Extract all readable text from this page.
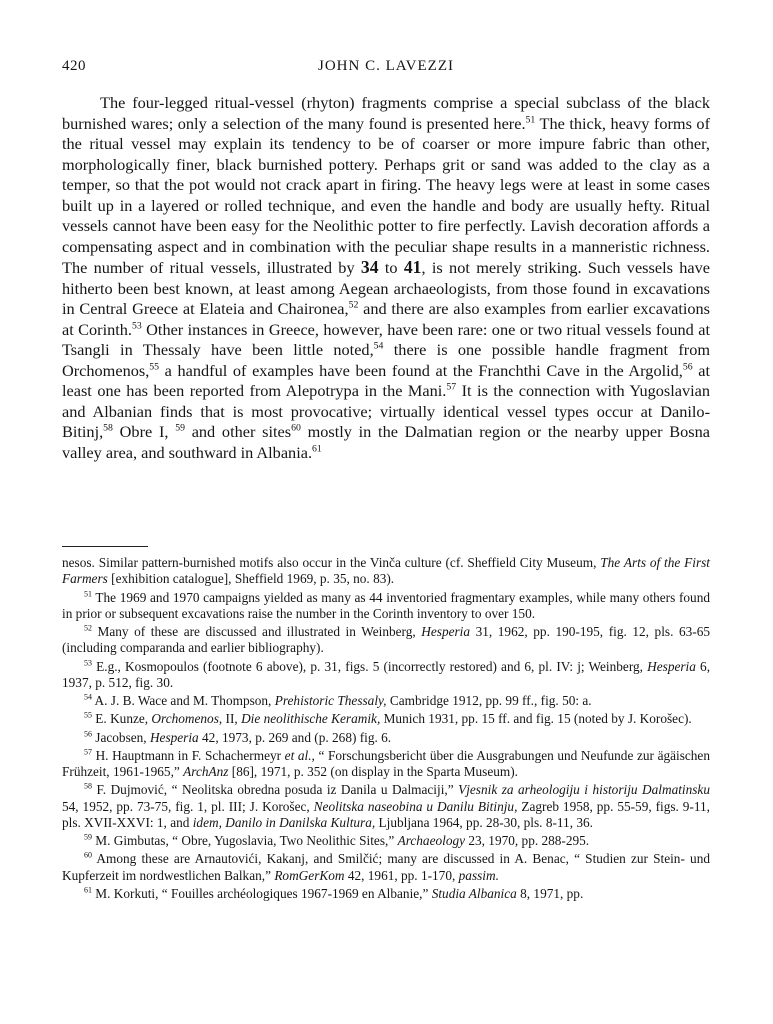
420	JOHN C. LAVEZZI

The four-legged ritual-vessel (rhyton) fragments comprise a special subclass of the black burnished wares; only a selection of the many found is presented here.$^{51}$ The thick, heavy forms of the ritual vessel may explain its tendency to be of coarser or more impure fabric than other, morphologically finer, black burnished pottery. Perhaps grit or sand was added to the clay as a temper, so that the pot would not crack apart in firing. The heavy legs were at least in some cases built up in a layered or rolled technique, and even the handle and body are usually hefty. Ritual vessels cannot have been easy for the Neolithic potter to fire perfectly. Lavish decoration affords a compensating aspect and in combination with the peculiar shape results in a manneristic richness. The number of ritual vessels, illustrated by 34 to 41, is not merely striking. Such vessels have hitherto been best known, at least among Aegean archaeologists, from those found in excavations in Central Greece at Elateia and Chaironea,$^{52}$ and there are also examples from earlier excavations at Corinth.$^{53}$ Other instances in Greece, however, have been rare: one or two ritual vessels found at Tsangli in Thessaly have been little noted,$^{54}$ there is one possible handle fragment from Orchomenos,$^{55}$ a handful of examples have been found at the Franchthi Cave in the Argolid,$^{56}$ at least one has been reported from Alepotrypa in the Mani.$^{57}$ It is the connection with Yugoslavian and Albanian finds that is most provocative; virtually identical vessel types occur at Danilo-Bitinj,$^{58}$ Obre I, $^{59}$ and other sites$^{60}$ mostly in the Dalmatian region or the nearby upper Bosna valley area, and southward in Albania.$^{61}$

nesos. Similar pattern-burnished motifs also occur in the Vinča culture (cf. Sheffield City Museum, The Arts of the First Farmers [exhibition catalogue], Sheffield 1969, p. 35, no. 83).

$^{51}$ The 1969 and 1970 campaigns yielded as many as 44 inventoried fragmentary examples, while many others found in prior or subsequent excavations raise the number in the Corinth inventory to over 150.

$^{52}$ Many of these are discussed and illustrated in Weinberg, Hesperia 31, 1962, pp. 190-195, fig. 12, pls. 63-65 (including comparanda and earlier bibliography).

$^{53}$ E.g., Kosmopoulos (footnote 6 above), p. 31, figs. 5 (incorrectly restored) and 6, pl. IV: j; Weinberg, Hesperia 6, 1937, p. 512, fig. 30.

$^{54}$ A. J. B. Wace and M. Thompson, Prehistoric Thessaly, Cambridge 1912, pp. 99 ff., fig. 50: a.

$^{55}$ E. Kunze, Orchomenos, II, Die neolithische Keramik, Munich 1931, pp. 15 ff. and fig. 15 (noted by J. Korošec).

$^{56}$ Jacobsen, Hesperia 42, 1973, p. 269 and (p. 268) fig. 6.

$^{57}$ H. Hauptmann in F. Schachermeyr et al., “ Forschungsbericht über die Ausgrabungen und Neufunde zur ägäischen Frühzeit, 1961-1965,” ArchAnz [86], 1971, p. 352 (on display in the Sparta Museum).

$^{58}$ F. Dujmović, “ Neolitska obredna posuda iz Danila u Dalmaciji,” Vjesnik za arheologiju i historiju Dalmatinsku 54, 1952, pp. 73-75, fig. 1, pl. III; J. Korošec, Neolitska naseobina u Danilu Bitinju, Zagreb 1958, pp. 55-59, figs. 9-11, pls. XVII-XXVI: 1, and idem, Danilo in Danilska Kultura, Ljubljana 1964, pp. 28-30, pls. 8-11, 36.

$^{59}$ M. Gimbutas, “ Obre, Yugoslavia, Two Neolithic Sites,” Archaeology 23, 1970, pp. 288-295.

$^{60}$ Among these are Arnautovići, Kakanj, and Smilčić; many are discussed in A. Benac, “ Studien zur Stein- und Kupferzeit im nordwestlichen Balkan,” RomGerKom 42, 1961, pp. 1-170, passim.

$^{61}$ M. Korkuti, “ Fouilles archéologiques 1967-1969 en Albanie,” Studia Albanica 8, 1971, pp.
